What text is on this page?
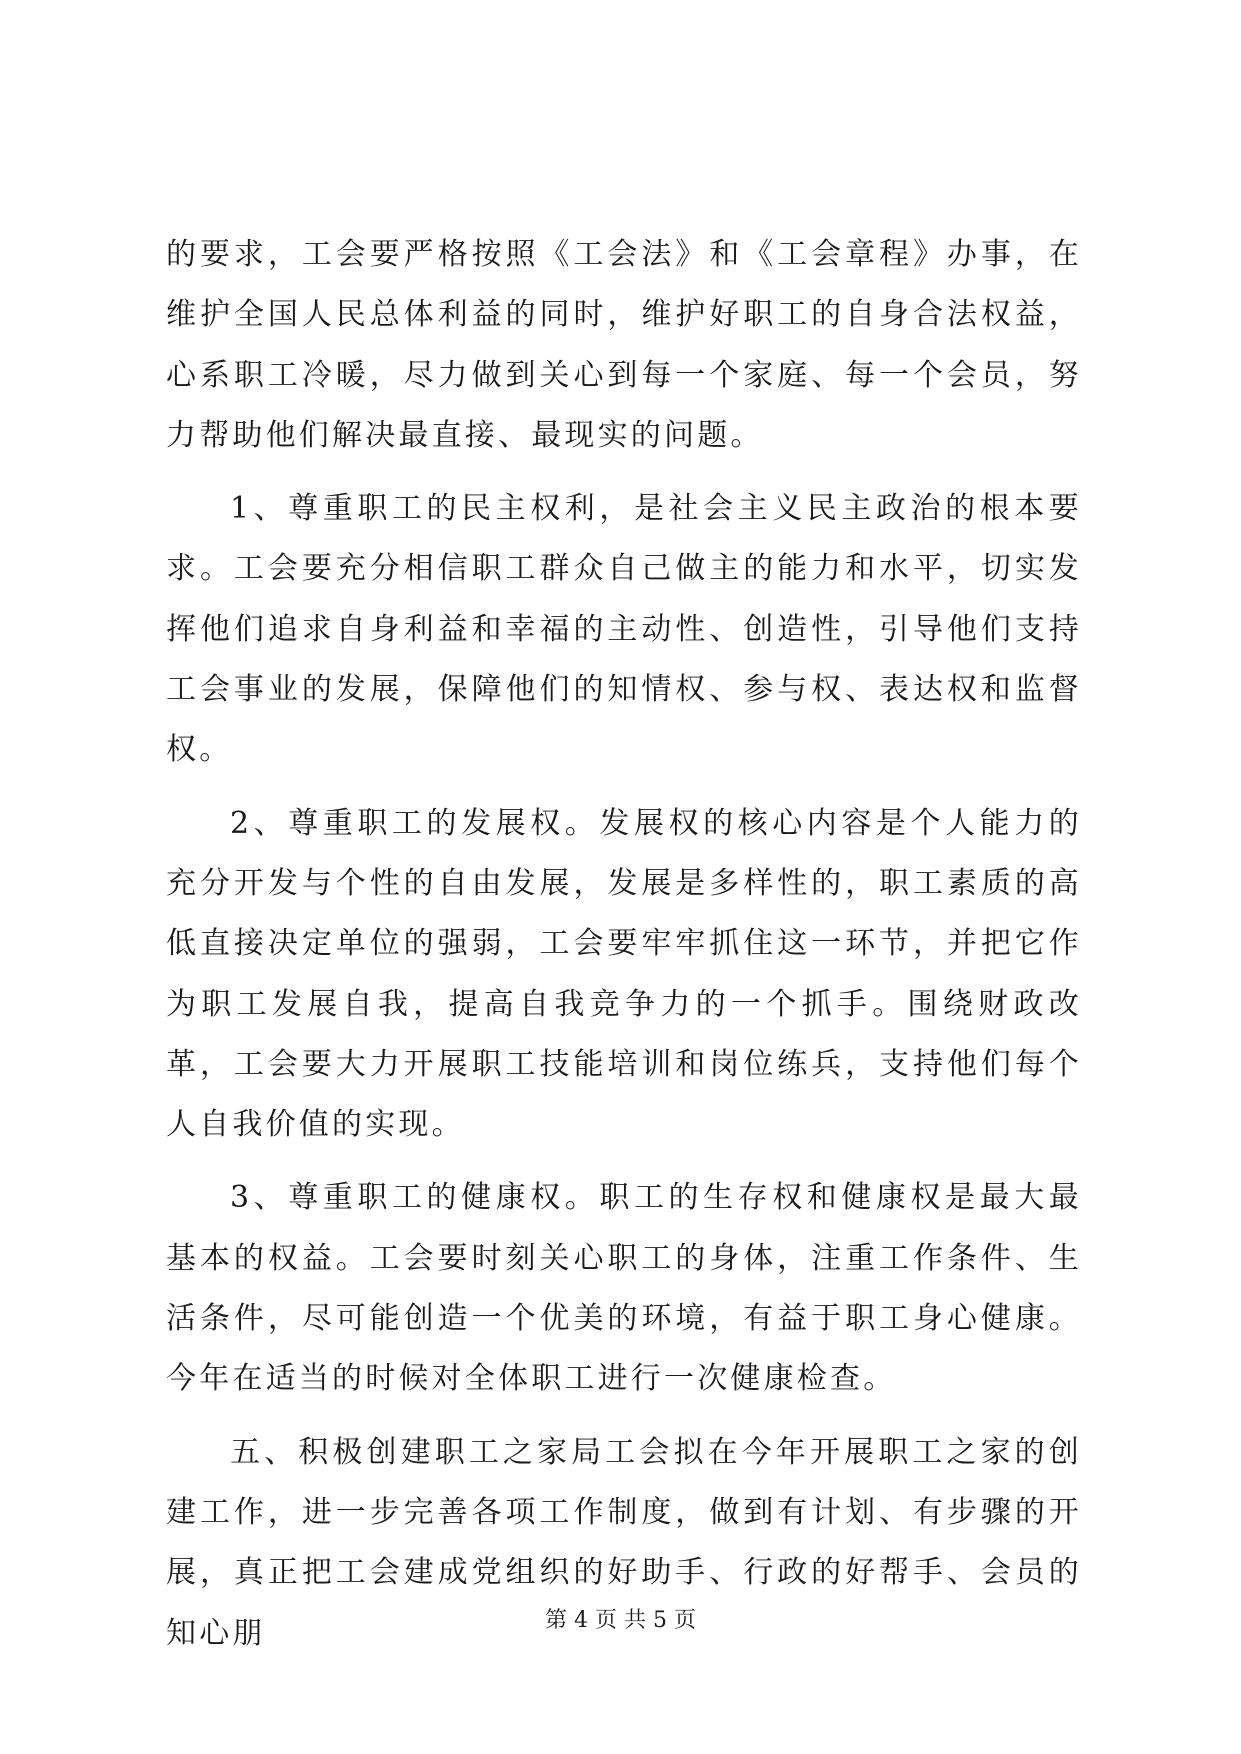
的要求，工会要严格按照《工会法》和《工会章程》办事，在维护全国人民总体利益的同时，维护好职工的自身合法权益，心系职工冷暖，尽力做到关心到每一个家庭、每一个会员，努力帮助他们解决最直接、最现实的问题。

1、尊重职工的民主权利，是社会主义民主政治的根本要求。工会要充分相信职工群众自己做主的能力和水平，切实发挥他们追求自身利益和幸福的主动性、创造性，引导他们支持工会事业的发展，保障他们的知情权、参与权、表达权和监督权。

2、尊重职工的发展权。发展权的核心内容是个人能力的充分开发与个性的自由发展，发展是多样性的，职工素质的高低直接决定单位的强弱，工会要牢牢抓住这一环节，并把它作为职工发展自我，提高自我竞争力的一个抓手。围绕财政改革，工会要大力开展职工技能培训和岗位练兵，支持他们每个人自我价值的实现。

3、尊重职工的健康权。职工的生存权和健康权是最大最基本的权益。工会要时刻关心职工的身体，注重工作条件、生活条件，尽可能创造一个优美的环境，有益于职工身心健康。今年在适当的时候对全体职工进行一次健康检查。

五、积极创建职工之家局工会拟在今年开展职工之家的创建工作，进一步完善各项工作制度，做到有计划、有步骤的开展，真正把工会建成党组织的好助手、行政的好帮手、会员的知心朋	第 4 页 共 5 页
